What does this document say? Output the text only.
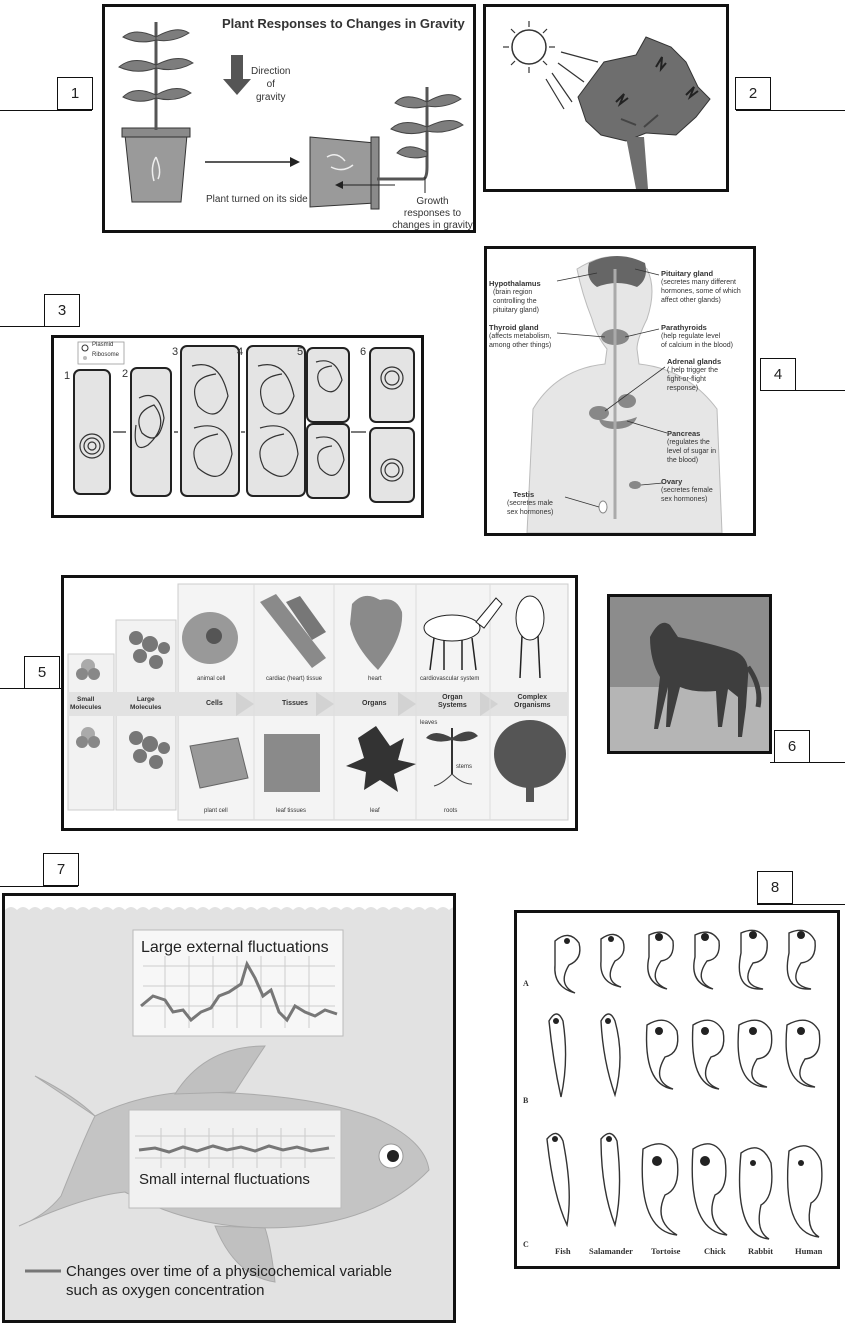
1	2
3
4
5
6
7
8
Plant Responses to Changes in Gravity
Direction
of
gravity
Plant turned on its side	Growth responses to
changes in gravity
Plasmid
Ribosome
1	2
3	4	5	6
Hypothalamus
(brain region
controlling the
pituitary gland)
Pituitary gland
(secretes many different
hormones, some of which
affect other glands)
Thyroid gland
(affects metabolism,
among other things)
Parathyroids
(help regulate level
of calcium in the blood)
Adrenal glands
( help trigger the
fight-or-flight
response)
Pancreas
(regulates the
level of sugar in
the blood)
Testis
(secretes male
sex hormones)
Ovary
(secretes female
sex hormones)
Small
Molecules
Large
Molecules
Cells	Tissues	Organs
Organ
Systems
Complex
Organisms
animal cell	cardiac (heart) tissue	heart	cardiovascular system
plant cell	leaf tissues	leaf
leaves
stems
roots
Large external fluctuations
Small internal fluctuations
Changes over time of a physicochemical variable
such as oxygen concentration
A
B
C
Fish Salamander Tortoise	Chick	Rabbit	Human
